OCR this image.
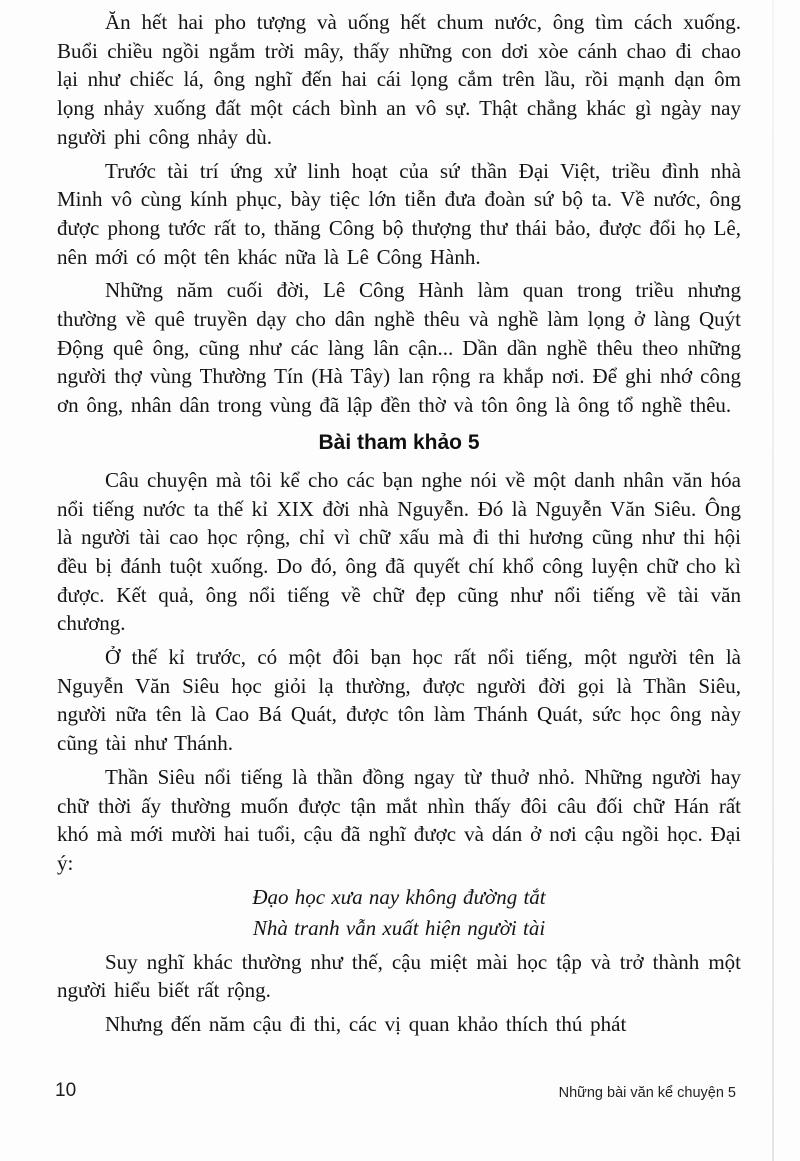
Ăn hết hai pho tượng và uống hết chum nước, ông tìm cách xuống. Buổi chiều ngồi ngắm trời mây, thấy những con dơi xòe cánh chao đi chao lại như chiếc lá, ông nghĩ đến hai cái lọng cắm trên lầu, rồi mạnh dạn ôm lọng nhảy xuống đất một cách bình an vô sự. Thật chẳng khác gì ngày nay người phi công nhảy dù.

Trước tài trí ứng xử linh hoạt của sứ thần Đại Việt, triều đình nhà Minh vô cùng kính phục, bày tiệc lớn tiễn đưa đoàn sứ bộ ta. Về nước, ông được phong tước rất to, thăng Công bộ thượng thư thái bảo, được đổi họ Lê, nên mới có một tên khác nữa là Lê Công Hành.

Những năm cuối đời, Lê Công Hành làm quan trong triều nhưng thường về quê truyền dạy cho dân nghề thêu và nghề làm lọng ở làng Quýt Động quê ông, cũng như các làng lân cận... Dần dần nghề thêu theo những người thợ vùng Thường Tín (Hà Tây) lan rộng ra khắp nơi. Để ghi nhớ công ơn ông, nhân dân trong vùng đã lập đền thờ và tôn ông là ông tổ nghề thêu.

Bài tham khảo 5

Câu chuyện mà tôi kể cho các bạn nghe nói về một danh nhân văn hóa nổi tiếng nước ta thế kỉ XIX đời nhà Nguyễn. Đó là Nguyễn Văn Siêu. Ông là người tài cao học rộng, chỉ vì chữ xấu mà đi thi hương cũng như thi hội đều bị đánh tuột xuống. Do đó, ông đã quyết chí khổ công luyện chữ cho kì được. Kết quả, ông nổi tiếng về chữ đẹp cũng như nổi tiếng về tài văn chương.

Ở thế kỉ trước, có một đôi bạn học rất nổi tiếng, một người tên là Nguyễn Văn Siêu học giỏi lạ thường, được người đời gọi là Thần Siêu, người nữa tên là Cao Bá Quát, được tôn làm Thánh Quát, sức học ông này cũng tài như Thánh.

Thần Siêu nổi tiếng là thần đồng ngay từ thuở nhỏ. Những người hay chữ thời ấy thường muốn được tận mắt nhìn thấy đôi câu đối chữ Hán rất khó mà mới mười hai tuổi, cậu đã nghĩ được và dán ở nơi cậu ngồi học. Đại ý:

Đạo học xưa nay không đường tắt
Nhà tranh vẫn xuất hiện người tài

Suy nghĩ khác thường như thế, cậu miệt mài học tập và trở thành một người hiểu biết rất rộng.

Nhưng đến năm cậu đi thi, các vị quan khảo thích thú phát

10	Những bài văn kể chuyện 5
